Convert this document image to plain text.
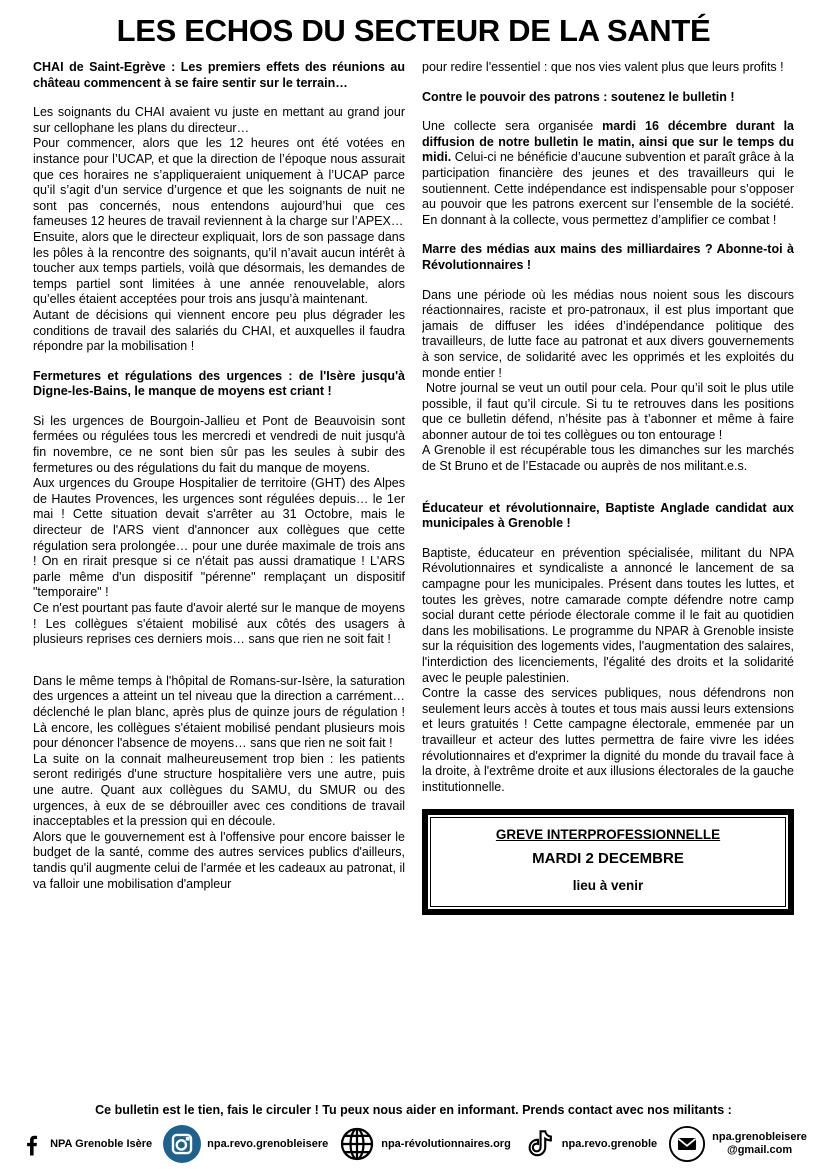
LES ECHOS DU SECTEUR DE LA SANTÉ

CHAI de Saint-Egrève : Les premiers effets des réunions au château commencent à se faire sentir sur le terrain…

Les soignants du CHAI avaient vu juste en mettant au grand jour sur cellophane les plans du directeur…

Pour commencer, alors que les 12 heures ont été votées en instance pour l’UCAP, et que la direction de l’époque nous assurait que ces horaires ne s’appliqueraient uniquement à l’UCAP parce qu’il s’agit d’un service d’urgence et que les soignants de nuit ne sont pas concernés, nous entendons aujourd’hui que ces fameuses 12 heures de travail reviennent à la charge sur l’APEX…

Ensuite, alors que le directeur expliquait, lors de son passage dans les pôles à la rencontre des soignants, qu’il n’avait aucun intérêt à toucher aux temps partiels, voilà que désormais, les demandes de temps partiel sont limitées à une année renouvelable, alors qu’elles étaient acceptées pour trois ans jusqu’à maintenant.

Autant de décisions qui viennent encore peu plus dégrader les conditions de travail des salariés du CHAI, et auxquelles il faudra répondre par la mobilisation !

Fermetures et régulations des urgences : de l'Isère jusqu'à Digne-les-Bains, le manque de moyens est criant !

Si les urgences de Bourgoin-Jallieu et Pont de Beauvoisin sont fermées ou régulées tous les mercredi et vendredi de nuit jusqu'à fin novembre, ce ne sont bien sûr pas les seules à subir des fermetures ou des régulations du fait du manque de moyens.

Aux urgences du Groupe Hospitalier de territoire (GHT) des Alpes de Hautes Provences, les urgences sont régulées depuis… le 1er mai ! Cette situation devait s'arrêter au 31 Octobre, mais le directeur de l'ARS vient d'annoncer aux collègues que cette régulation sera prolongée… pour une durée maximale de trois ans ! On en rirait presque si ce n'était pas aussi dramatique ! L'ARS parle même d'un dispositif "pérenne" remplaçant un dispositif "temporaire" !

Ce n'est pourtant pas faute d'avoir alerté sur le manque de moyens ! Les collègues s'étaient mobilisé aux côtés des usagers à plusieurs reprises ces derniers mois… sans que rien ne soit fait !

Dans le même temps à l'hôpital de Romans-sur-Isère, la saturation des urgences a atteint un tel niveau que la direction a carrément… déclenché le plan blanc, après plus de quinze jours de régulation ! Là encore, les collègues s'étaient mobilisé pendant plusieurs mois pour dénoncer l'absence de moyens… sans que rien ne soit fait !

La suite on la connait malheureusement trop bien : les patients seront redirigés d'une structure hospitalière vers une autre, puis une autre. Quant aux collègues du SAMU, du SMUR ou des urgences, à eux de se débrouiller avec ces conditions de travail inacceptables et la pression qui en découle.

Alors que le gouvernement est à l'offensive pour encore baisser le budget de la santé, comme des autres services publics d'ailleurs, tandis qu'il augmente celui de l'armée et les cadeaux au patronat, il va falloir une mobilisation d'ampleur

pour redire l'essentiel : que nos vies valent plus que leurs profits !

Contre le pouvoir des patrons : soutenez le bulletin !

Une collecte sera organisée mardi 16 décembre durant la diffusion de notre bulletin le matin, ainsi que sur le temps du midi. Celui-ci ne bénéficie d’aucune subvention et paraît grâce à la participation financière des jeunes et des travailleurs qui le soutiennent. Cette indépendance est indispensable pour s’opposer au pouvoir que les patrons exercent sur l’ensemble de la société. En donnant à la collecte, vous permettez d’amplifier ce combat !

Marre des médias aux mains des milliardaires ? Abonne-toi à Révolutionnaires !

Dans une période où les médias nous noient sous les discours réactionnaires, raciste et pro-patronaux, il est plus important que jamais de diffuser les idées d’indépendance politique des travailleurs, de lutte face au patronat et aux divers gouvernements à son service, de solidarité avec les opprimés et les exploités du monde entier !

Notre journal se veut un outil pour cela. Pour qu’il soit le plus utile possible, il faut qu’il circule. Si tu te retrouves dans les positions que ce bulletin défend, n’hésite pas à t’abonner et même à faire abonner autour de toi tes collègues ou ton entourage !

A Grenoble il est récupérable tous les dimanches sur les marchés de St Bruno et de l’Estacade ou auprès de nos militant.e.s.

Éducateur et révolutionnaire, Baptiste Anglade candidat aux municipales à Grenoble !

Baptiste, éducateur en prévention spécialisée, militant du NPA Révolutionnaires et syndicaliste a annoncé le lancement de sa campagne pour les municipales. Présent dans toutes les luttes, et toutes les grèves, notre camarade compte défendre notre camp social durant cette période électorale comme il le fait au quotidien dans les mobilisations. Le programme du NPAR à Grenoble insiste sur la réquisition des logements vides, l'augmentation des salaires, l'interdiction des licenciements, l'égalité des droits et la solidarité avec le peuple palestinien.

Contre la casse des services publiques, nous défendrons non seulement leurs accès à toutes et tous mais aussi leurs extensions et leurs gratuités ! Cette campagne électorale, emmenée par un travailleur et acteur des luttes permettra de faire vivre les idées révolutionnaires et d'exprimer la dignité du monde du travail face à la droite, à l'extrême droite et aux illusions électorales de la gauche institutionnelle.

GREVE INTERPROFESSIONNELLE
MARDI 2 DECEMBRE
lieu à venir
Ce bulletin est le tien, fais le circuler ! Tu peux nous aider en informant. Prends contact avec nos militants :
NPA Grenoble Isère	npa.revo.grenobleisere	npa-révolutionnaires.org	npa.revo.grenoble
npa.grenobleisere
@gmail.com
